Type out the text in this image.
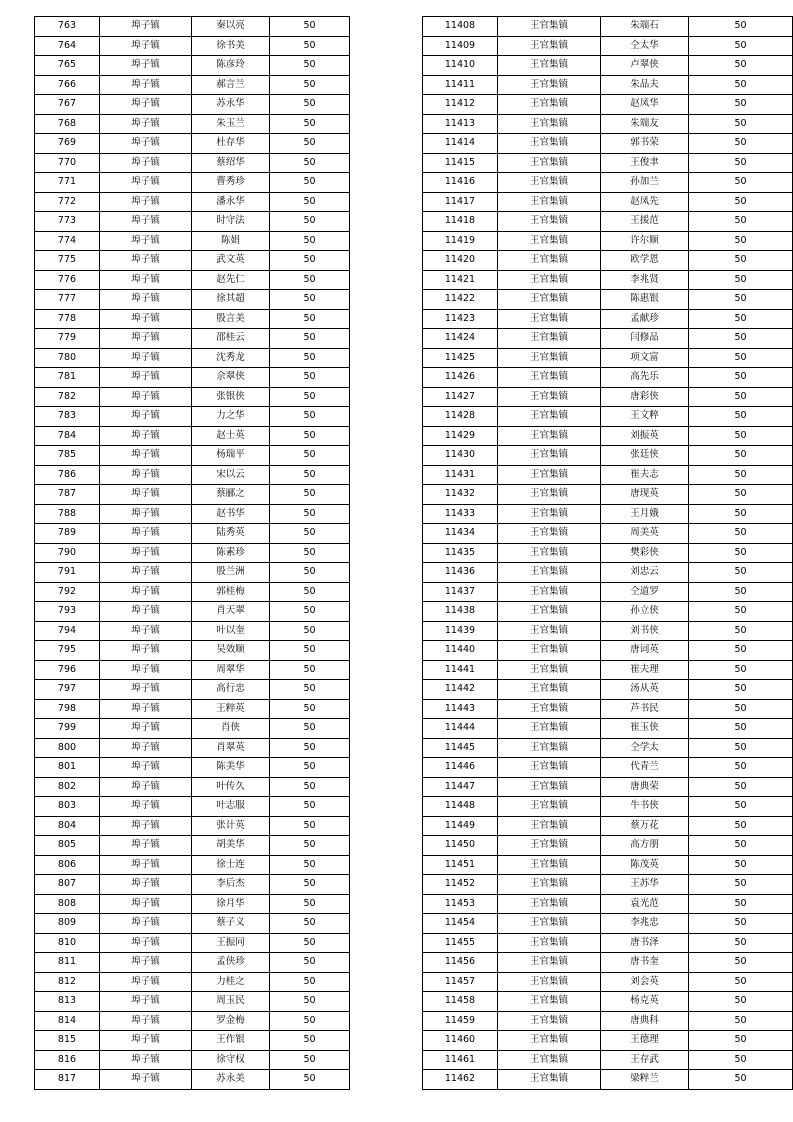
763	埠子镇	秦以亮	50
764	埠子镇	徐书美	50
765	埠子镇	陈彦玲	50
766	埠子镇	郝言兰	50
767	埠子镇	苏永华	50
768	埠子镇	朱玉兰	50
769	埠子镇	杜存华	50
770	埠子镇	蔡绍华	50
771	埠子镇	曹秀珍	50
772	埠子镇	潘永华	50
773	埠子镇	时守法	50
774	埠子镇	陈娟	50
775	埠子镇	武文英	50
776	埠子镇	赵先仁	50
777	埠子镇	徐其超	50
778	埠子镇	殷言美	50
779	埠子镇	邵桂云	50
780	埠子镇	沈秀龙	50
781	埠子镇	佘翠侠	50
782	埠子镇	张银侠	50
783	埠子镇	力之华	50
784	埠子镇	赵士英	50
785	埠子镇	杨瑞平	50
786	埠子镇	宋以云	50
787	埠子镇	蔡郦之	50
788	埠子镇	赵书华	50
789	埠子镇	陆秀英	50
790	埠子镇	陈素珍	50
791	埠子镇	殷兰洲	50
792	埠子镇	郭桂梅	50
793	埠子镇	肖天翠	50
794	埠子镇	叶以奎	50
795	埠子镇	吴效顺	50
796	埠子镇	周翠华	50
797	埠子镇	高行忠	50
798	埠子镇	王粹英	50
799	埠子镇	肖侠	50
800	埠子镇	肖翠英	50
801	埠子镇	陈美华	50
802	埠子镇	叶传久	50
803	埠子镇	叶志服	50
804	埠子镇	张计英	50
805	埠子镇	胡美华	50
806	埠子镇	徐士连	50
807	埠子镇	李后杰	50
808	埠子镇	徐月华	50
809	埠子镇	蔡子义	50
810	埠子镇	王振同	50
811	埠子镇	孟侠珍	50
812	埠子镇	力桂之	50
813	埠子镇	周玉民	50
814	埠子镇	罗金梅	50
815	埠子镇	王作银	50
816	埠子镇	徐守权	50
817	埠子镇	苏永美	50
11408	王官集镇	朱端石	50
11409	王官集镇	仝太华	50
11410	王官集镇	卢翠侠	50
11411	王官集镇	朱品夫	50
11412	王官集镇	赵凤华	50
11413	王官集镇	朱端友	50
11414	王官集镇	郭书荣	50
11415	王官集镇	王俊聿	50
11416	王官集镇	孙加兰	50
11417	王官集镇	赵凤先	50
11418	王官集镇	王援范	50
11419	王官集镇	许尔顺	50
11420	王官集镇	欧学恩	50
11421	王官集镇	李兆贤	50
11422	王官集镇	陈惠银	50
11423	王官集镇	孟献珍	50
11424	王官集镇	闫修品	50
11425	王官集镇	项文富	50
11426	王官集镇	高先乐	50
11427	王官集镇	唐彩侠	50
11428	王官集镇	王文粹	50
11429	王官集镇	刘振英	50
11430	王官集镇	张廷侠	50
11431	王官集镇	崔夫志	50
11432	王官集镇	唐现英	50
11433	王官集镇	王月娥	50
11434	王官集镇	周美英	50
11435	王官集镇	樊彩侠	50
11436	王官集镇	刘忠云	50
11437	王官集镇	仝道罗	50
11438	王官集镇	孙立侠	50
11439	王官集镇	刘书侠	50
11440	王官集镇	唐词英	50
11441	王官集镇	崔夫理	50
11442	王官集镇	汤从英	50
11443	王官集镇	芦书民	50
11444	王官集镇	崔玉侠	50
11445	王官集镇	仝学太	50
11446	王官集镇	代青兰	50
11447	王官集镇	唐典荣	50
11448	王官集镇	牛书侠	50
11449	王官集镇	蔡万花	50
11450	王官集镇	高方朋	50
11451	王官集镇	陈茂英	50
11452	王官集镇	王苏华	50
11453	王官集镇	袁光范	50
11454	王官集镇	李兆忠	50
11455	王官集镇	唐书泽	50
11456	王官集镇	唐书奎	50
11457	王官集镇	刘会英	50
11458	王官集镇	杨克英	50
11459	王官集镇	唐典科	50
11460	王官集镇	王德理	50
11461	王官集镇	王存武	50
11462	王官集镇	梁粹兰	50
